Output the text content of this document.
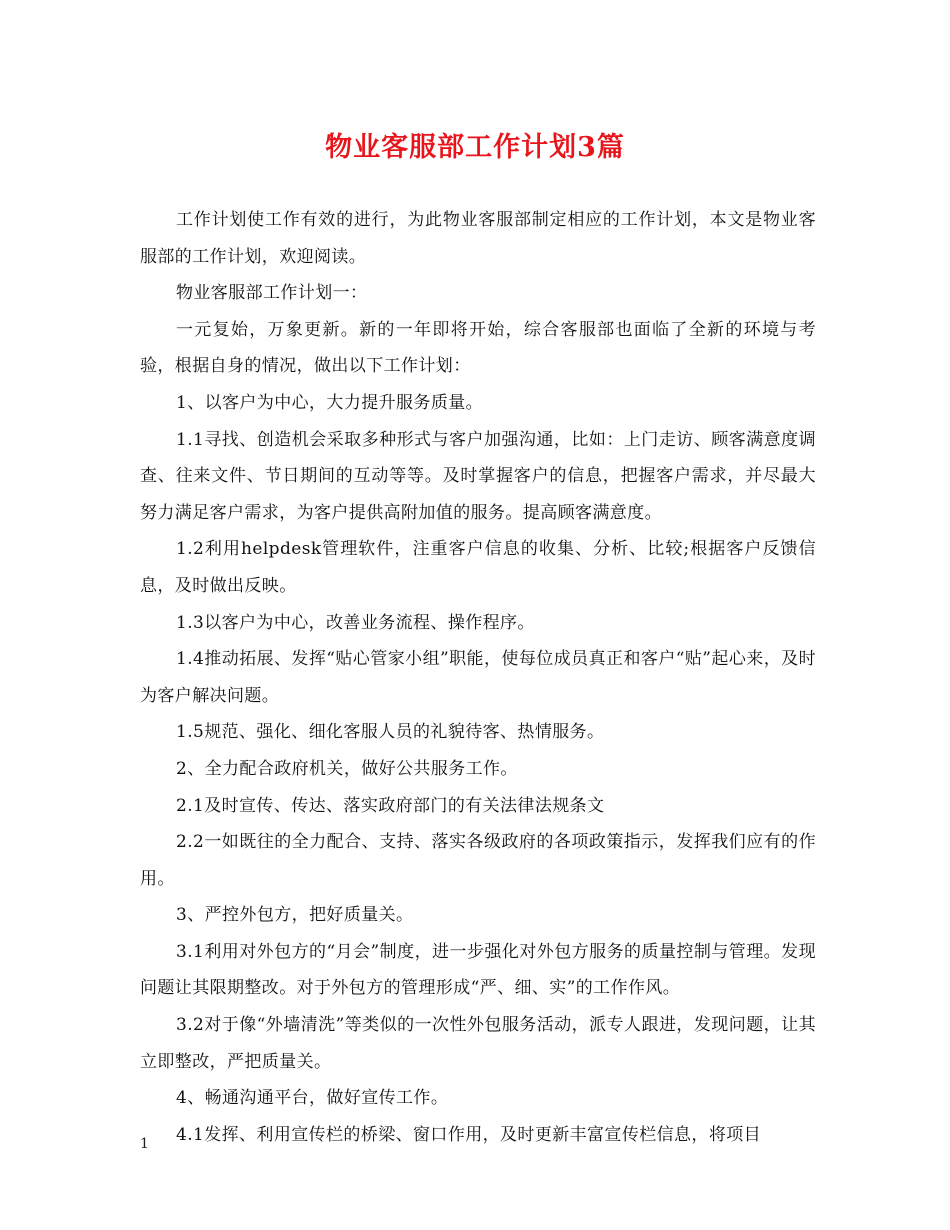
物业客服部工作计划3篇

工作计划使工作有效的进行，为此物业客服部制定相应的工作计划，本文是物业客服部的工作计划，欢迎阅读。

物业客服部工作计划一：

一元复始，万象更新。新的一年即将开始，综合客服部也面临了全新的环境与考验，根据自身的情况，做出以下工作计划：

1、以客户为中心，大力提升服务质量。

1.1寻找、创造机会采取多种形式与客户加强沟通，比如：上门走访、顾客满意度调查、往来文件、节日期间的互动等等。及时掌握客户的信息，把握客户需求，并尽最大努力满足客户需求，为客户提供高附加值的服务。提高顾客满意度。

1.2利用helpdesk管理软件，注重客户信息的收集、分析、比较;根据客户反馈信息，及时做出反映。

1.3以客户为中心，改善业务流程、操作程序。

1.4推动拓展、发挥“贴心管家小组”职能，使每位成员真正和客户“贴”起心来，及时为客户解决问题。

1.5规范、强化、细化客服人员的礼貌待客、热情服务。

2、全力配合政府机关，做好公共服务工作。

2.1及时宣传、传达、落实政府部门的有关法律法规条文

2.2一如既往的全力配合、支持、落实各级政府的各项政策指示，发挥我们应有的作用。

3、严控外包方，把好质量关。

3.1利用对外包方的“月会”制度，进一步强化对外包方服务的质量控制与管理。发现问题让其限期整改。对于外包方的管理形成“严、细、实”的工作作风。

3.2对于像“外墙清洗”等类似的一次性外包服务活动，派专人跟进，发现问题，让其立即整改，严把质量关。

4、畅通沟通平台，做好宣传工作。

4.1发挥、利用宣传栏的桥梁、窗口作用，及时更新丰富宣传栏信息，将项目

1
